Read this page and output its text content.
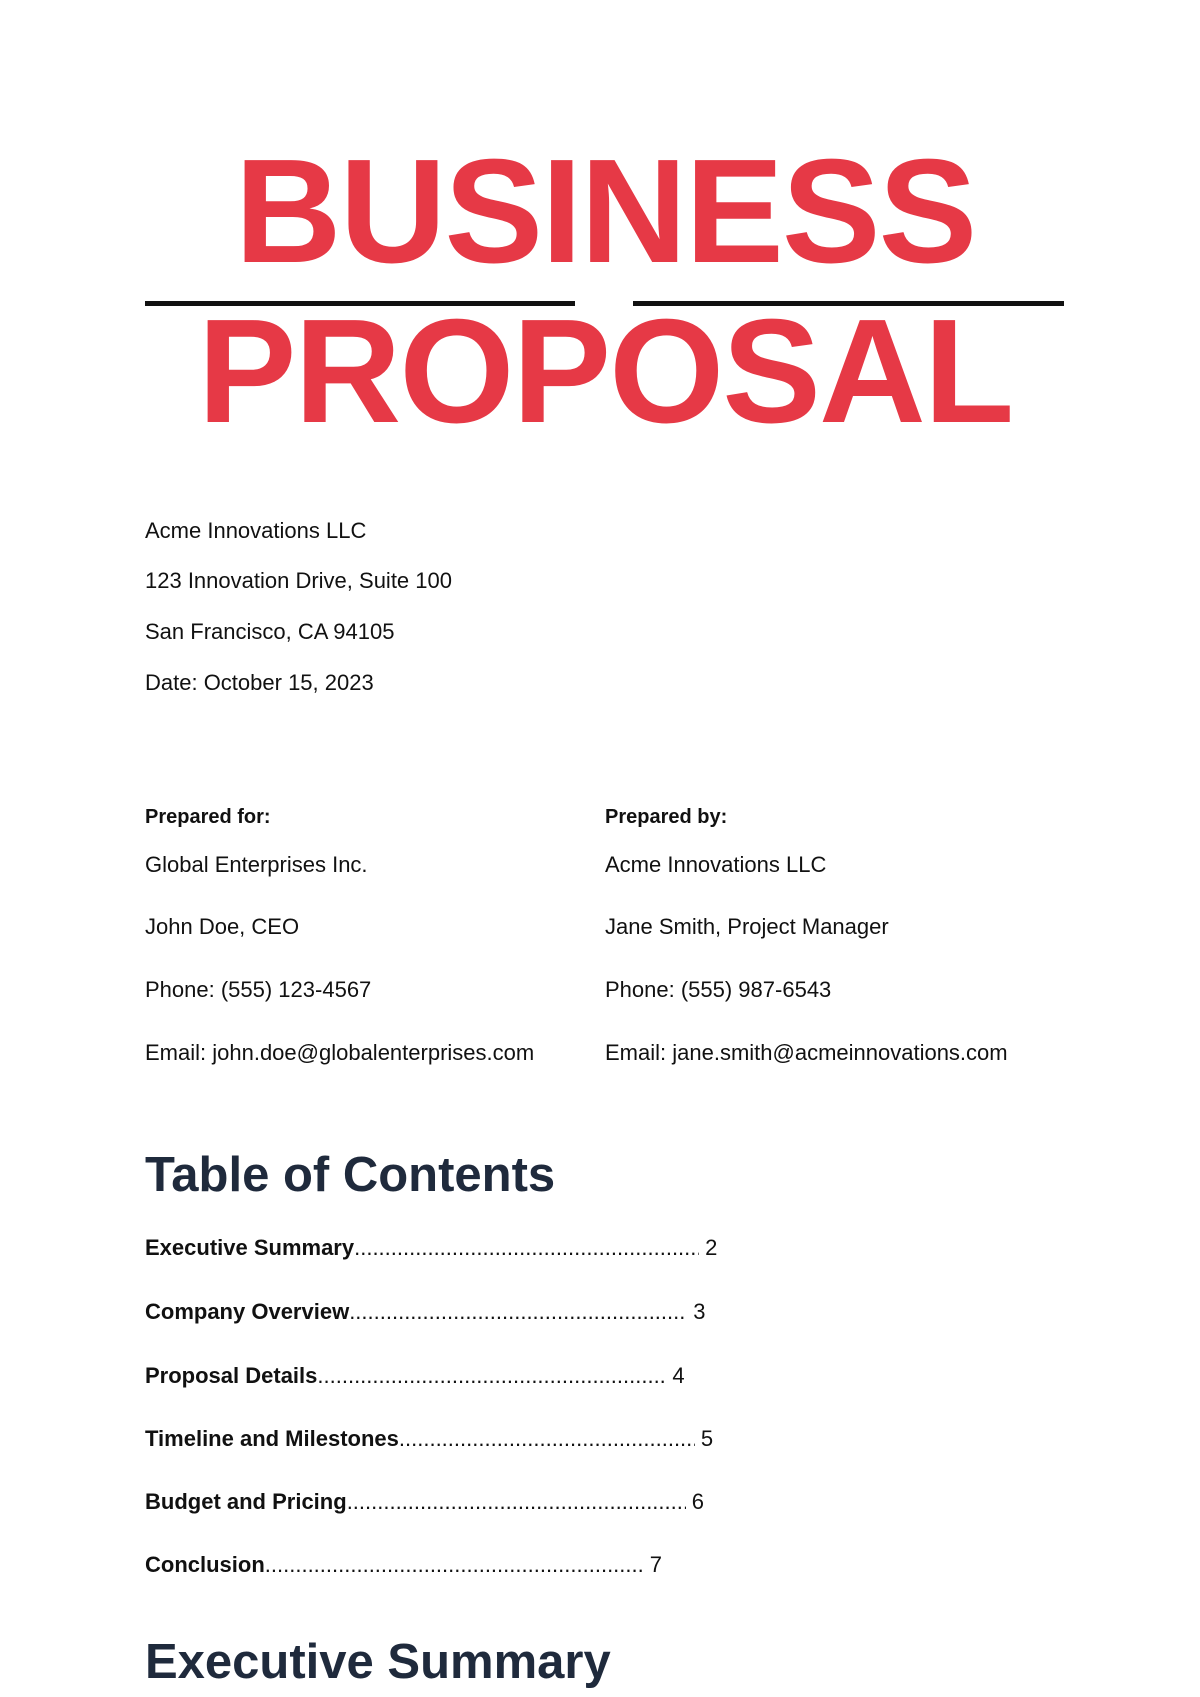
BUSINESS
PROPOSAL
Acme Innovations LLC
123 Innovation Drive, Suite 100
San Francisco, CA 94105
Date: October 15, 2023
Prepared for:
Global Enterprises Inc.
John Doe, CEO
Phone: (555) 123-4567
Email: john.doe@globalenterprises.com
Prepared by:
Acme Innovations LLC
Jane Smith, Project Manager
Phone: (555) 987-6543
Email: jane.smith@acmeinnovations.com
Table of Contents
Executive Summary .....	2
Company Overview .....	3
Proposal Details .....	4
Timeline and Milestones .....	5
Budget and Pricing .....	6
Conclusion .....	7
Executive Summary
